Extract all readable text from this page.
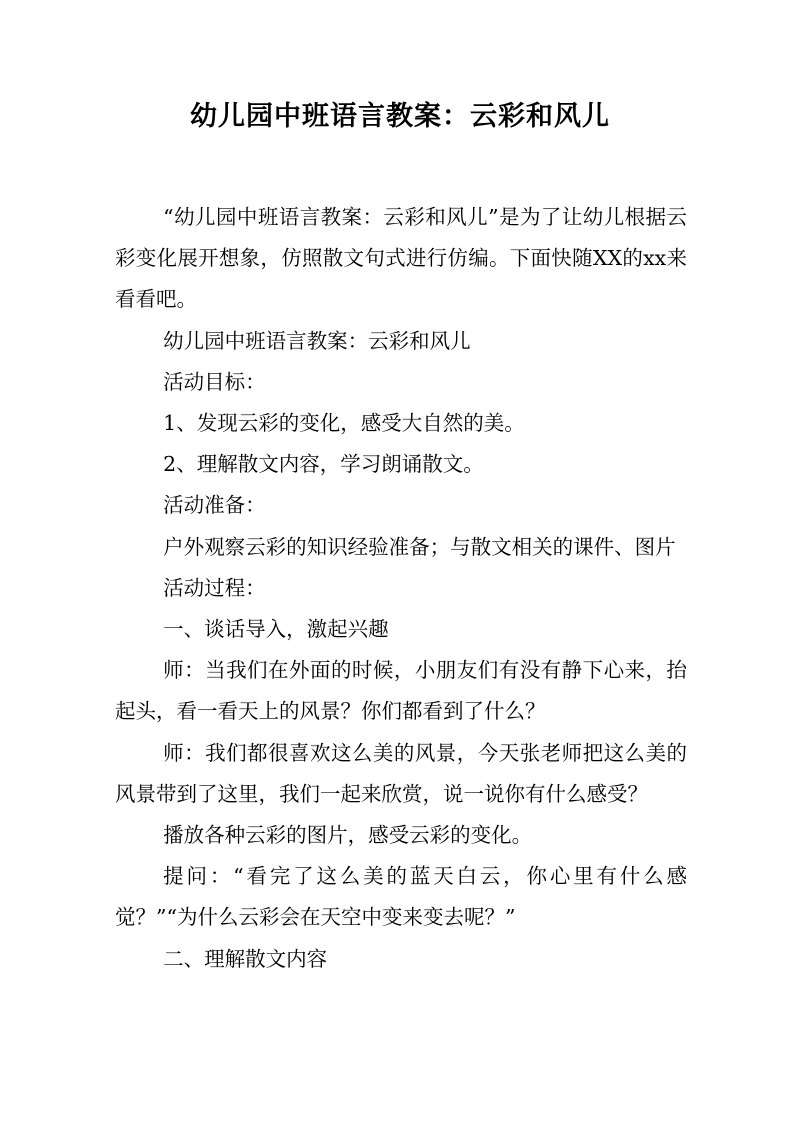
幼儿园中班语言教案：云彩和风儿

“幼儿园中班语言教案：云彩和风儿”是为了让幼儿根据云彩变化展开想象，仿照散文句式进行仿编。下面快随XX的xx来看看吧。

幼儿园中班语言教案：云彩和风儿

活动目标：

1、发现云彩的变化，感受大自然的美。

2、理解散文内容，学习朗诵散文。

活动准备：

户外观察云彩的知识经验准备；与散文相关的课件、图片

活动过程：

一、谈话导入，激起兴趣

师：当我们在外面的时候，小朋友们有没有静下心来，抬起头，看一看天上的风景？你们都看到了什么？

师：我们都很喜欢这么美的风景，今天张老师把这么美的风景带到了这里，我们一起来欣赏，说一说你有什么感受？

播放各种云彩的图片，感受云彩的变化。

提问：“看完了这么美的蓝天白云，你心里有什么感觉？”“为什么云彩会在天空中变来变去呢？”

二、理解散文内容
